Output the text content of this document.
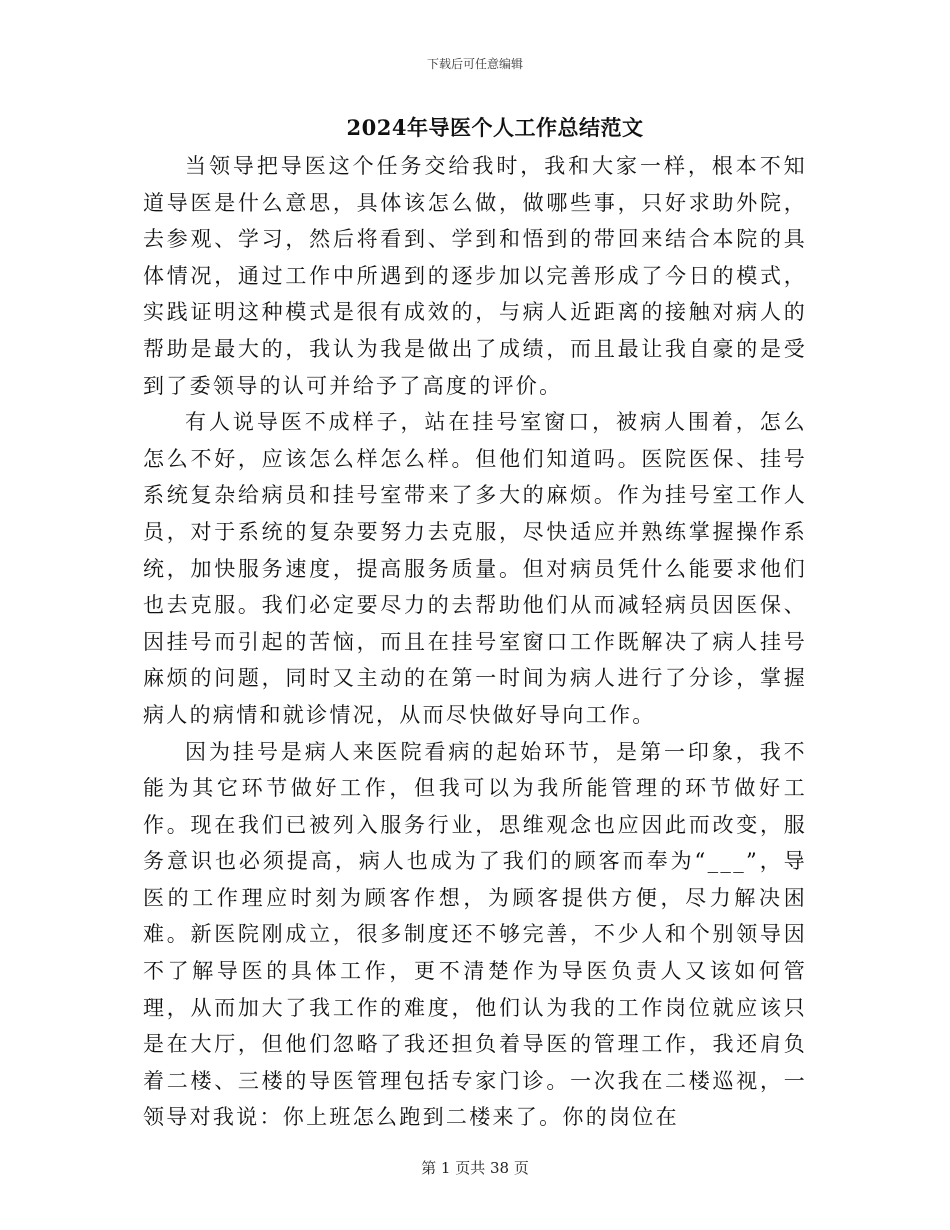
下载后可任意编辑
2024年导医个人工作总结范文

当领导把导医这个任务交给我时，我和大家一样，根本不知道导医是什么意思，具体该怎么做，做哪些事，只好求助外院，去参观、学习，然后将看到、学到和悟到的带回来结合本院的具体情况，通过工作中所遇到的逐步加以完善形成了今日的模式，实践证明这种模式是很有成效的，与病人近距离的接触对病人的帮助是最大的，我认为我是做出了成绩，而且最让我自豪的是受到了委领导的认可并给予了高度的评价。

有人说导医不成样子，站在挂号室窗口，被病人围着，怎么怎么不好，应该怎么样怎么样。但他们知道吗。医院医保、挂号系统复杂给病员和挂号室带来了多大的麻烦。作为挂号室工作人员，对于系统的复杂要努力去克服，尽快适应并熟练掌握操作系统，加快服务速度，提高服务质量。但对病员凭什么能要求他们也去克服。我们必定要尽力的去帮助他们从而减轻病员因医保、因挂号而引起的苦恼，而且在挂号室窗口工作既解决了病人挂号麻烦的问题，同时又主动的在第一时间为病人进行了分诊，掌握病人的病情和就诊情况，从而尽快做好导向工作。

因为挂号是病人来医院看病的起始环节，是第一印象，我不能为其它环节做好工作，但我可以为我所能管理的环节做好工作。现在我们已被列入服务行业，思维观念也应因此而改变，服务意识也必须提高，病人也成为了我们的顾客而奉为“___”，导医的工作理应时刻为顾客作想，为顾客提供方便，尽力解决困难。新医院刚成立，很多制度还不够完善，不少人和个别领导因不了解导医的具体工作，更不清楚作为导医负责人又该如何管理，从而加大了我工作的难度，他们认为我的工作岗位就应该只是在大厅，但他们忽略了我还担负着导医的管理工作，我还肩负着二楼、三楼的导医管理包括专家门诊。一次我在二楼巡视，一领导对我说：你上班怎么跑到二楼来了。你的岗位在

第 1 页共 38 页
